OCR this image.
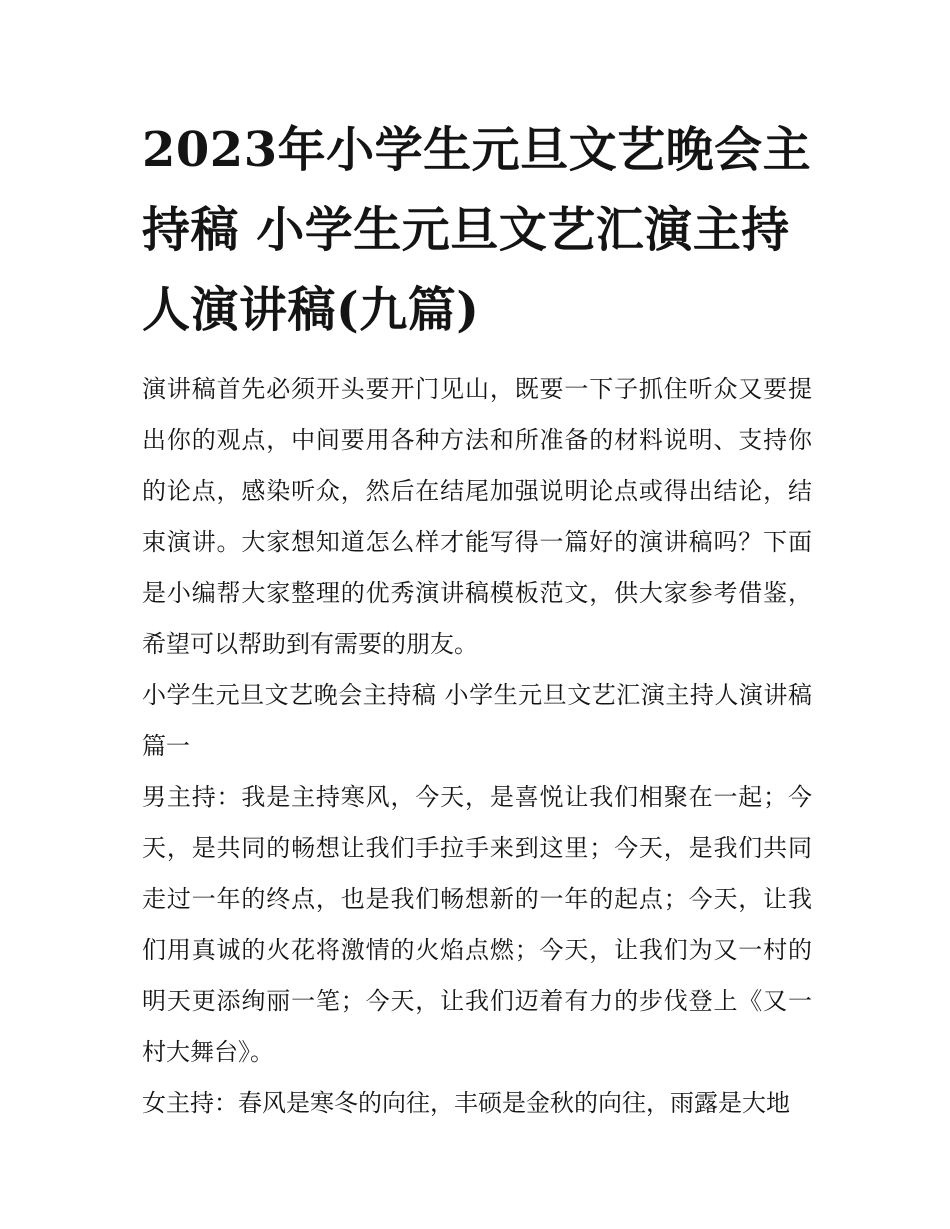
2023年小学生元旦文艺晚会主持稿 小学生元旦文艺汇演主持人演讲稿(九篇)

演讲稿首先必须开头要开门见山，既要一下子抓住听众又要提出你的观点，中间要用各种方法和所准备的材料说明、支持你的论点，感染听众，然后在结尾加强说明论点或得出结论，结束演讲。大家想知道怎么样才能写得一篇好的演讲稿吗？下面是小编帮大家整理的优秀演讲稿模板范文，供大家参考借鉴，希望可以帮助到有需要的朋友。

小学生元旦文艺晚会主持稿 小学生元旦文艺汇演主持人演讲稿篇一

男主持：我是主持寒风，今天，是喜悦让我们相聚在一起；今天，是共同的畅想让我们手拉手来到这里；今天，是我们共同走过一年的终点，也是我们畅想新的一年的起点；今天，让我们用真诚的火花将激情的火焰点燃；今天，让我们为又一村的明天更添绚丽一笔；今天，让我们迈着有力的步伐登上《又一村大舞台》。

女主持：春风是寒冬的向往，丰硕是金秋的向往，雨露是大地
